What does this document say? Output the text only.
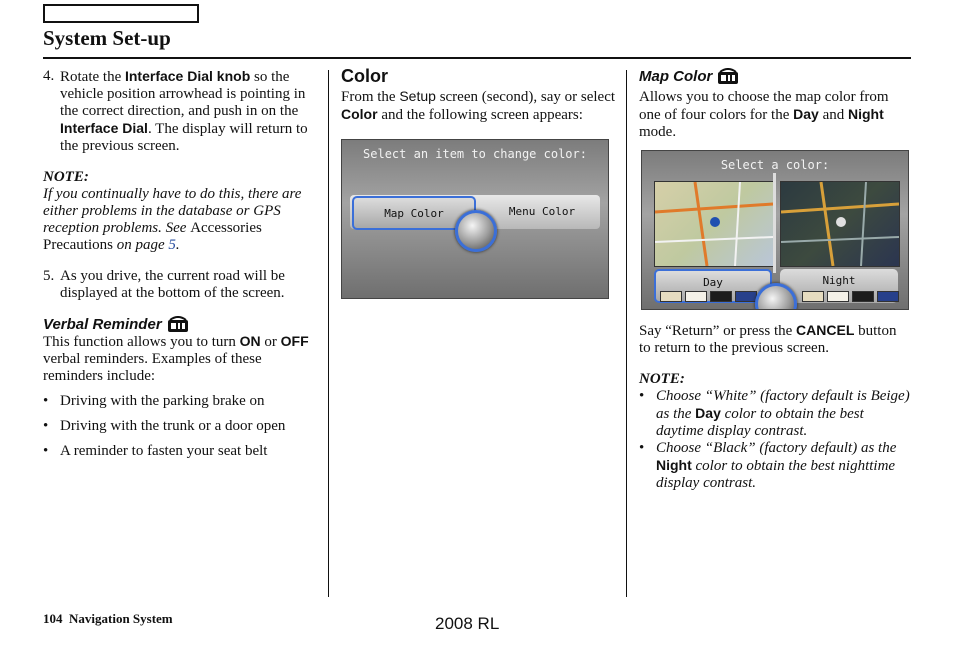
System Set-up
4. Rotate the Interface Dial knob so the vehicle position arrowhead is pointing in the correct direction, and push in on the Interface Dial. The display will return to the previous screen.
NOTE:
If you continually have to do this, there are either problems in the database or GPS reception problems. See Accessories Precautions on page 5.
5. As you drive, the current road will be displayed at the bottom of the screen.
Verbal Reminder
This function allows you to turn ON or OFF verbal reminders. Examples of these reminders include:
• Driving with the parking brake on
• Driving with the trunk or a door open
• A reminder to fasten your seat belt
Color
From the Setup screen (second), say or select Color and the following screen appears:
Select an item to change color:
Map Color	Menu Color
Map Color
Allows you to choose the map color from one of four colors for the Day and Night mode.
Select a color:
Day	Night
Say “Return” or press the CANCEL button to return to the previous screen.
NOTE:
• Choose “White” (factory default is Beige) as the Day color to obtain the best daytime display contrast.
• Choose “Black” (factory default) as the Night color to obtain the best nighttime display contrast.
104 Navigation System	2008 RL
